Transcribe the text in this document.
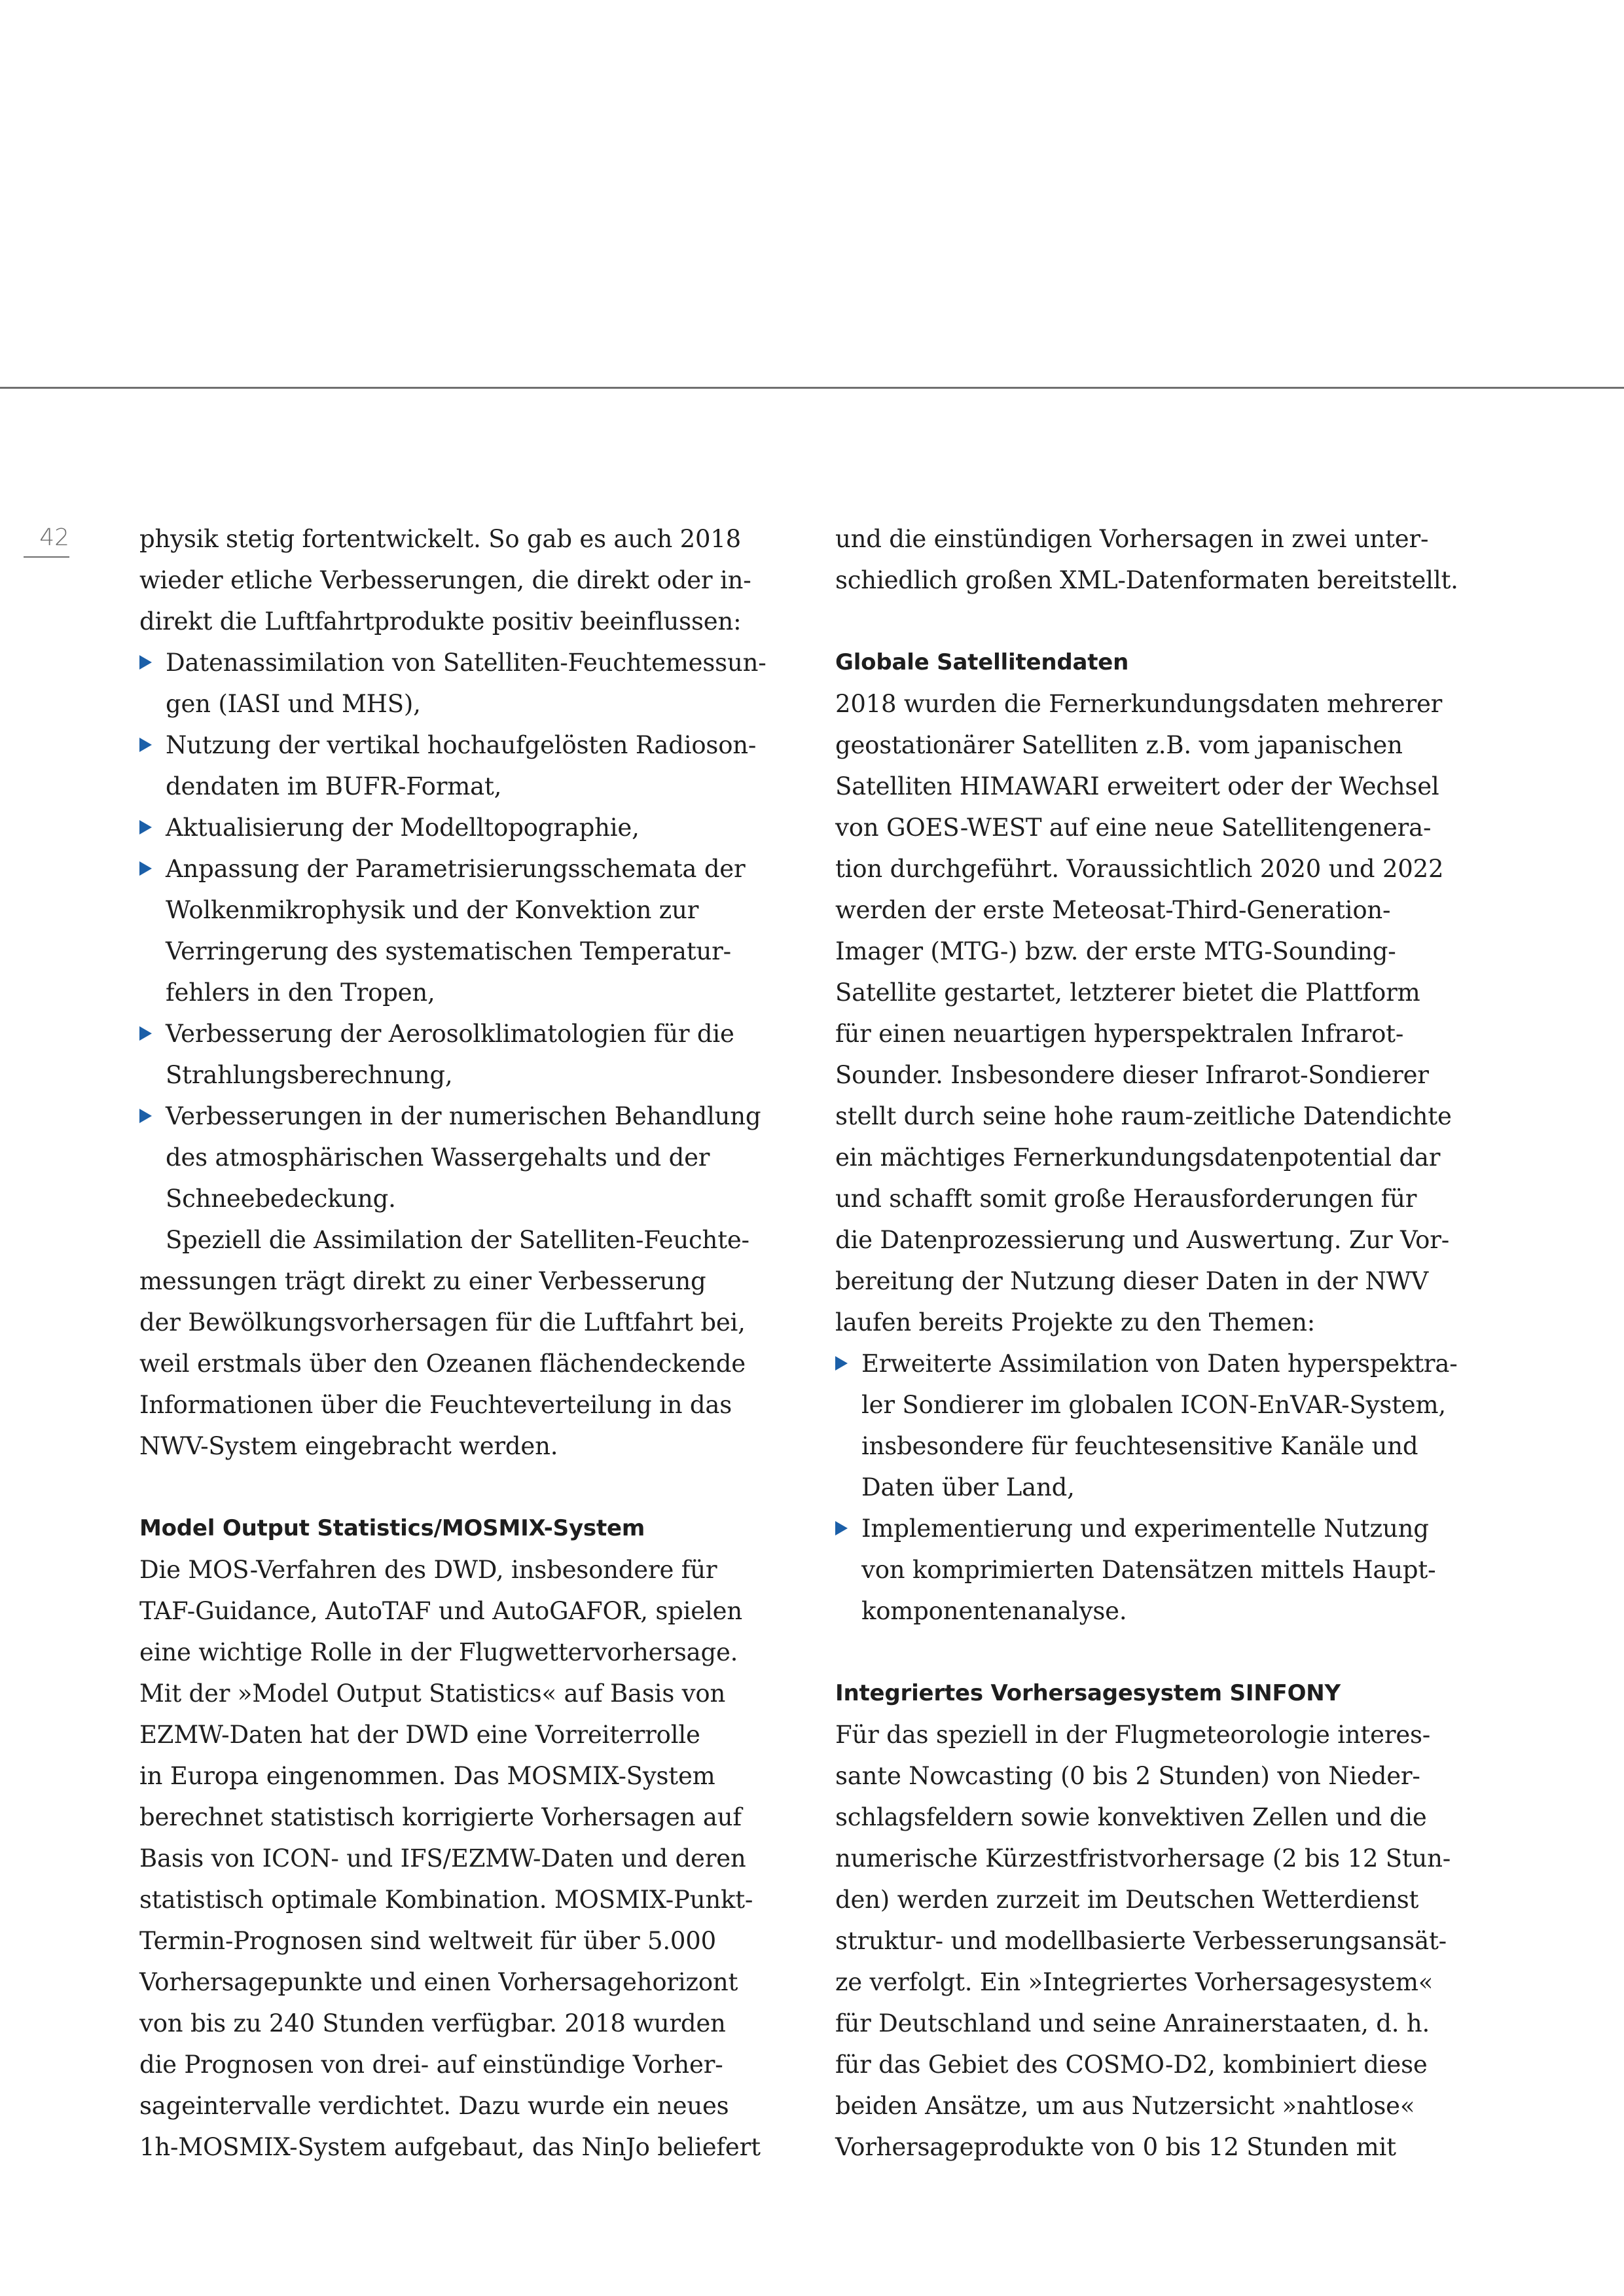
42	physik stetig fortentwickelt. So gab es auch 2018
wieder etliche Verbesserungen, die direkt oder in-
direkt die Luftfahrtprodukte positiv beeinflussen:

Datenassimilation von Satelliten-Feuchtemessun-
gen (IASI und MHS),
Nutzung der vertikal hochaufgelösten Radioson-
dendaten im BUFR-Format,
Aktualisierung der Modelltopographie,
Anpassung der Parametrisierungsschemata der
Wolkenmikrophysik und der Konvektion zur
Verringerung des systematischen Temperatur-
fehlers in den Tropen,
Verbesserung der Aerosolklimatologien für die
Strahlungsberechnung,
Verbesserungen in der numerischen Behandlung
des atmosphärischen Wassergehalts und der
Schneebedeckung.

Speziell die Assimilation der Satelliten-Feuchte-
messungen trägt direkt zu einer Verbesserung
der Bewölkungsvorhersagen für die Luftfahrt bei,
weil erstmals über den Ozeanen flächendeckende
Informationen über die Feuchteverteilung in das
NWV-System eingebracht werden.

Model Output Statistics/MOSMIX-System

Die MOS-Verfahren des DWD, insbesondere für
TAF-Guidance, AutoTAF und AutoGAFOR, spielen
eine wichtige Rolle in der Flugwettervorhersage.
Mit der »Model Output Statistics« auf Basis von
EZMW-Daten hat der DWD eine Vorreiterrolle
in Europa eingenommen. Das MOSMIX-System
berechnet statistisch korrigierte Vorhersagen auf
Basis von ICON- und IFS/EZMW-Daten und deren
statistisch optimale Kombination. MOSMIX-Punkt-
Termin-Prognosen sind weltweit für über 5.000
Vorhersagepunkte und einen Vorhersagehorizont
von bis zu 240 Stunden verfügbar. 2018 wurden
die Prognosen von drei- auf einstündige Vorher-
sageintervalle verdichtet. Dazu wurde ein neues
1h-MOSMIX-System aufgebaut, das NinJo beliefert

und die einstündigen Vorhersagen in zwei unter-
schiedlich großen XML-Datenformaten bereitstellt.

Globale Satellitendaten

2018 wurden die Fernerkundungsdaten mehrerer
geostationärer Satelliten z.B. vom japanischen
Satelliten HIMAWARI erweitert oder der Wechsel
von GOES-WEST auf eine neue Satellitengenera-
tion durchgeführt. Voraussichtlich 2020 und 2022
werden der erste Meteosat-Third-Generation-
Imager (MTG-) bzw. der erste MTG-Sounding-
Satellite gestartet, letzterer bietet die Plattform
für einen neuartigen hyperspektralen Infrarot-
Sounder. Insbesondere dieser Infrarot-Sondierer
stellt durch seine hohe raum-zeitliche Datendichte
ein mächtiges Fernerkundungsdatenpotential dar
und schafft somit große Herausforderungen für
die Datenprozessierung und Auswertung. Zur Vor-
bereitung der Nutzung dieser Daten in der NWV
laufen bereits Projekte zu den Themen:

Erweiterte Assimilation von Daten hyperspektra-
ler Sondierer im globalen ICON-EnVAR-System,
insbesondere für feuchtesensitive Kanäle und
Daten über Land,
Implementierung und experimentelle Nutzung
von komprimierten Datensätzen mittels Haupt-
komponentenanalyse.
Integriertes Vorhersagesystem SINFONY

Für das speziell in der Flugmeteorologie interes-
sante Nowcasting (0 bis 2 Stunden) von Nieder-
schlagsfeldern sowie konvektiven Zellen und die
numerische Kürzestfristvorhersage (2 bis 12 Stun-
den) werden zurzeit im Deutschen Wetterdienst
struktur- und modellbasierte Verbesserungsansät-
ze verfolgt. Ein »Integriertes Vorhersagesystem«
für Deutschland und seine Anrainerstaaten, d. h.
für das Gebiet des COSMO-D2, kombiniert diese
beiden Ansätze, um aus Nutzersicht »nahtlose«
Vorhersageprodukte von 0 bis 12 Stunden mit
